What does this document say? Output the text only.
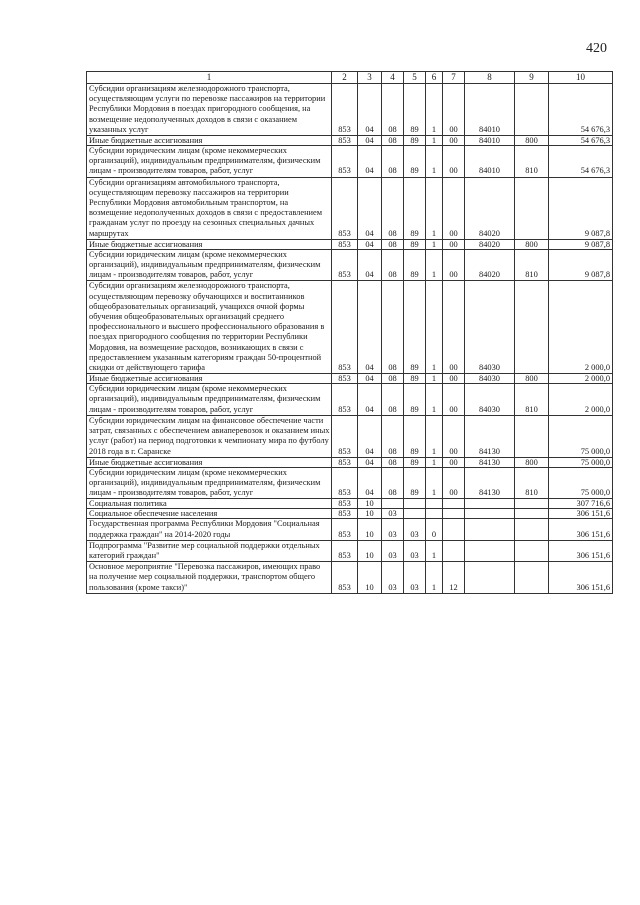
420
1	2	3	4	5	6	7	8	9	10
Субсидии организациям железнодорожного транспорта, осуществляющим услуги по перевозке пассажиров на территории Республики Мордовия в поездах пригородного сообщения, на возмещение недополученных доходов в связи с оказанием указанных услуг	853	04	08	89	1	00	84010		54 676,3
Иные бюджетные ассигнования	853	04	08	89	1	00	84010	800	54 676,3
Субсидии юридическим лицам (кроме некоммерческих организаций), индивидуальным предпринимателям, физическим лицам - производителям товаров, работ, услуг	853	04	08	89	1	00	84010	810	54 676,3
Субсидии организациям автомобильного транспорта, осуществляющим перевозку пассажиров на территории Республики Мордовия автомобильным транспортом, на возмещение недополученных доходов в связи с предоставлением гражданам услуг по проезду на сезонных специальных дачных маршрутах	853	04	08	89	1	00	84020		9 087,8
Иные бюджетные ассигнования	853	04	08	89	1	00	84020	800	9 087,8
Субсидии юридическим лицам (кроме некоммерческих организаций), индивидуальным предпринимателям, физическим лицам - производителям товаров, работ, услуг	853	04	08	89	1	00	84020	810	9 087,8
Субсидии организациям железнодорожного транспорта, осуществляющим перевозку обучающихся и воспитанников общеобразовательных организаций, учащихся очной формы обучения общеобразовательных организаций среднего профессионального и высшего профессионального образования в поездах пригородного сообщения по территории Республики Мордовия, на возмещение расходов, возникающих в связи с предоставлением указанным категориям граждан 50-процентной скидки от действующего тарифа	853	04	08	89	1	00	84030		2 000,0
Иные бюджетные ассигнования	853	04	08	89	1	00	84030	800	2 000,0
Субсидии юридическим лицам (кроме некоммерческих организаций), индивидуальным предпринимателям, физическим лицам - производителям товаров, работ, услуг	853	04	08	89	1	00	84030	810	2 000,0
Субсидии юридическим лицам на финансовое обеспечение части затрат, связанных с обеспечением авиаперевозок и оказанием иных услуг (работ) на период подготовки к чемпионату мира по футболу 2018 года в г. Саранске	853	04	08	89	1	00	84130		75 000,0
Иные бюджетные ассигнования	853	04	08	89	1	00	84130	800	75 000,0
Субсидии юридическим лицам (кроме некоммерческих организаций), индивидуальным предпринимателям, физическим лицам - производителям товаров, работ, услуг	853	04	08	89	1	00	84130	810	75 000,0
Социальная политика	853	10							307 716,6
Социальное обеспечение населения	853	10	03						306 151,6
Государственная программа Республики Мордовия "Социальная поддержка граждан" на 2014-2020 годы	853	10	03	03	0				306 151,6
Подпрограмма "Развитие мер социальной поддержки отдельных категорий граждан"	853	10	03	03	1				306 151,6
Основное мероприятие "Перевозка пассажиров, имеющих право на получение мер социальной поддержки, транспортом общего пользования (кроме такси)"	853	10	03	03	1	12			306 151,6
